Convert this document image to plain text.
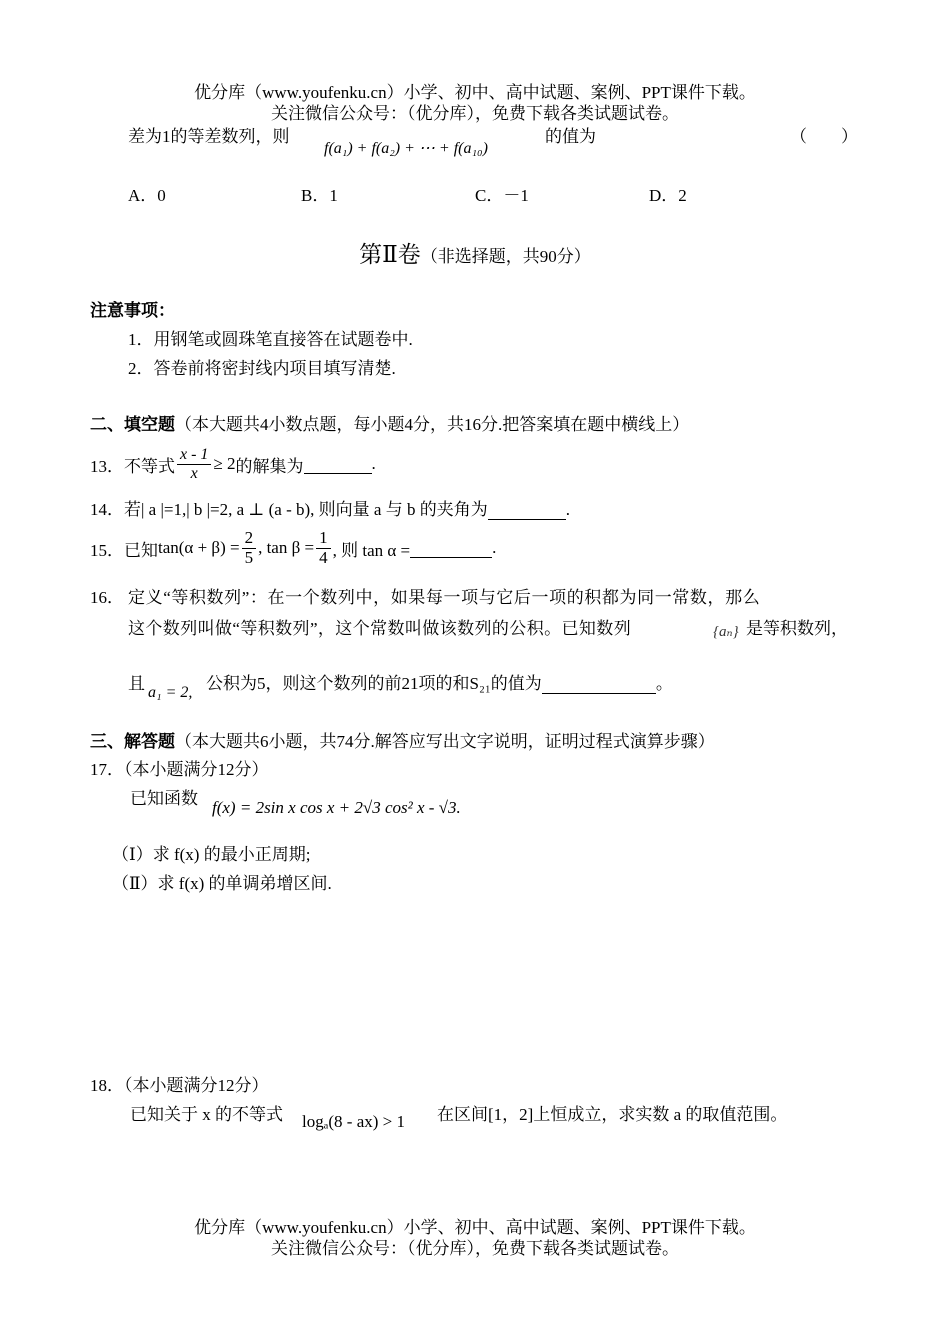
优分库（www.youfenku.cn）小学、初中、高中试题、案例、PPT课件下载。
关注微信公众号：（优分库），免费下载各类试题试卷。
差为1的等差数列，则
f(a₁) + f(a₂) + ⋯ + f(a₁₀)
的值为	（　　）
A．0	B．1	C．－1	D．2
第Ⅱ卷（非选择题，共90分）
注意事项：
1．用钢笔或圆珠笔直接答在试题卷中.
2．答卷前将密封线内项目填写清楚.
二、填空题（本大题共4小数点题，每小题4分，共16分.把答案填在题中横线上）
13． 不等式 $\frac{x - 1}{x} \ge 2$ 的解集为	.
14． 若| a |=1,| b |=2, a ⊥ (a - b), 则向量 a 与 b 的夹角为	.
15． 已知 $\tan(\alpha + \beta) = \frac{2}{5}$ , $\tan \beta = \frac{1}{4}$ , 则 tan α =	.
16． 定义“等积数列”：在一个数列中，如果每一项与它后一项的积都为同一常数，那么
这个数列叫做“等积数列”，这个常数叫做该数列的公积。已知数列	{aₙ} 是等积数列，
且 a₁ = 2, 公积为5，则这个数列的前21项的和S₂₁的值为	。
三、解答题（本大题共6小题，共74分.解答应写出文字说明，证明过程式演算步骤）
17．（本小题满分12分）
已知函数 f(x) = 2sin x cos x + 2√3 cos² x - √3.
（Ⅰ）求 f(x) 的最小正周期;
（Ⅱ）求 f(x) 的单调弟增区间.
18．（本小题满分12分）
已知关于 x 的不等式 logₐ(8 - ax) > 1 在区间[1，2]上恒成立，求实数 a 的取值范围。
优分库（www.youfenku.cn）小学、初中、高中试题、案例、PPT课件下载。
关注微信公众号：（优分库），免费下载各类试题试卷。
